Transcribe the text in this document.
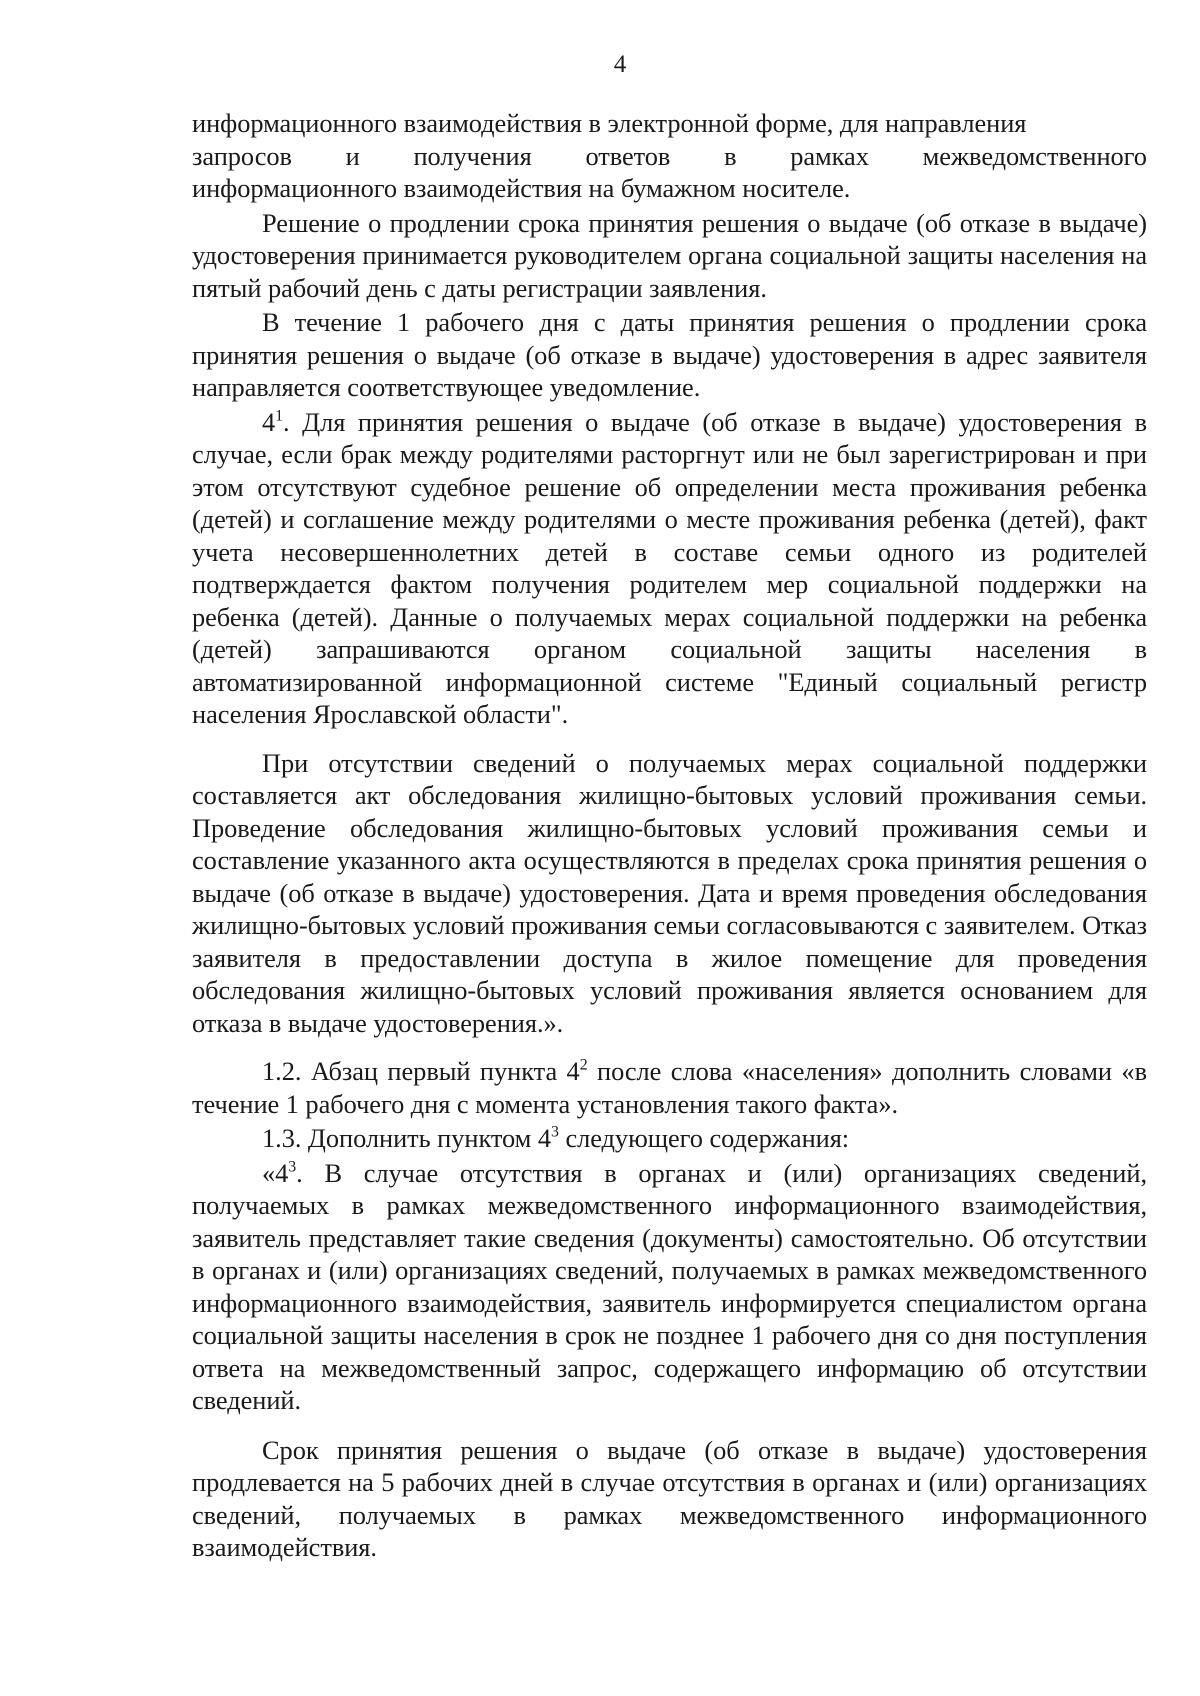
4

информационного взаимодействия в электронной форме, для направления

запросов и получения ответов в рамках межведомственного

информационного взаимодействия на бумажном носителе.

Решение о продлении срока принятия решения о выдаче (об отказе в выдаче) удостоверения принимается руководителем органа социальной защиты населения на пятый рабочий день с даты регистрации заявления.

В течение 1 рабочего дня с даты принятия решения о продлении срока принятия решения о выдаче (об отказе в выдаче) удостоверения в адрес заявителя направляется соответствующее уведомление.

$4^1$. Для принятия решения о выдаче (об отказе в выдаче) удостоверения в случае, если брак между родителями расторгнут или не был зарегистрирован и при этом отсутствуют судебное решение об определении места проживания ребенка (детей) и соглашение между родителями о месте проживания ребенка (детей), факт учета несовершеннолетних детей в составе семьи одного из родителей подтверждается фактом получения родителем мер социальной поддержки на ребенка (детей). Данные о получаемых мерах социальной поддержки на ребенка (детей) запрашиваются органом социальной защиты населения в автоматизированной информационной системе "Единый социальный регистр населения Ярославской области".

При отсутствии сведений о получаемых мерах социальной поддержки составляется акт обследования жилищно-бытовых условий проживания семьи. Проведение обследования жилищно-бытовых условий проживания семьи и составление указанного акта осуществляются в пределах срока принятия решения о выдаче (об отказе в выдаче) удостоверения. Дата и время проведения обследования жилищно-бытовых условий проживания семьи согласовываются с заявителем. Отказ заявителя в предоставлении доступа в жилое помещение для проведения обследования жилищно-бытовых условий проживания является основанием для отказа в выдаче удостоверения.».

1.2. Абзац первый пункта $4^2$ после слова «населения» дополнить словами «в течение 1 рабочего дня с момента установления такого факта».

1.3. Дополнить пунктом $4^3$ следующего содержания:

«$4^3$. В случае отсутствия в органах и (или) организациях сведений, получаемых в рамках межведомственного информационного взаимодействия, заявитель представляет такие сведения (документы) самостоятельно. Об отсутствии в органах и (или) организациях сведений, получаемых в рамках межведомственного информационного взаимодействия, заявитель информируется специалистом органа социальной защиты населения в срок не позднее 1 рабочего дня со дня поступления ответа на межведомственный запрос, содержащего информацию об отсутствии сведений.

Срок принятия решения о выдаче (об отказе в выдаче) удостоверения продлевается на 5 рабочих дней в случае отсутствия в органах и (или) организациях сведений, получаемых в рамках межведомственного информационного взаимодействия.
